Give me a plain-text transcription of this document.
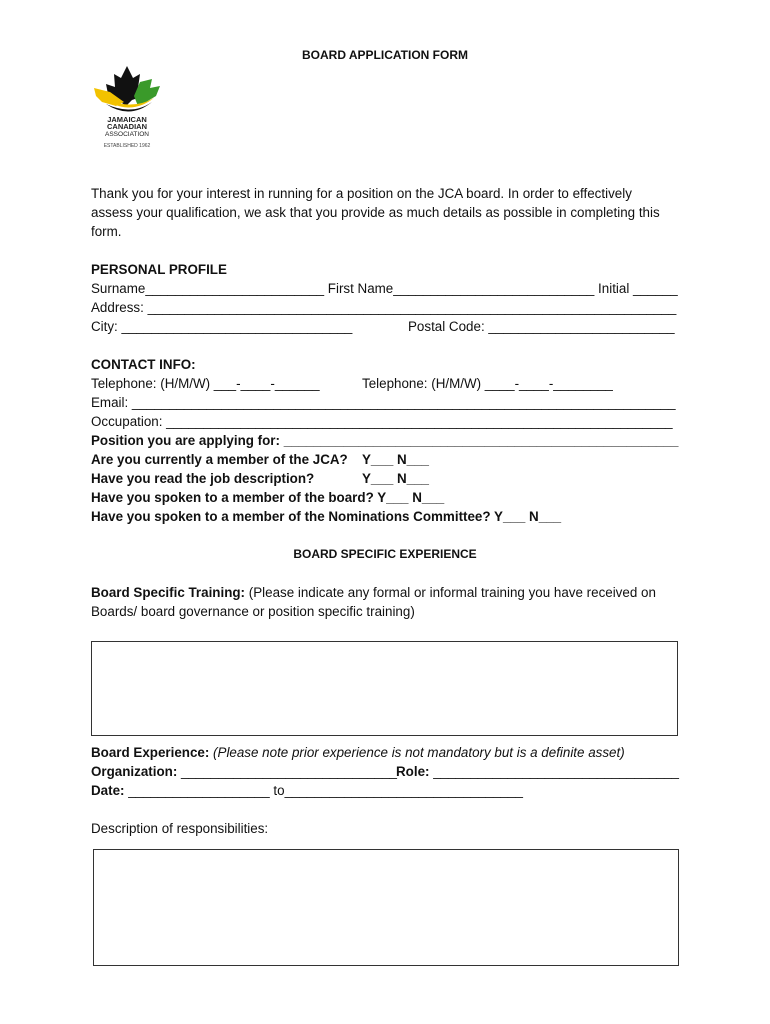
BOARD APPLICATION FORM
JAMAICAN
CANADIAN
ASSOCIATION
ESTABLISHED 1962
Thank you for your interest in running for a position on the JCA board. In order to effectively
assess your qualification, we ask that you provide as much details as possible in completing this
form.
PERSONAL PROFILE
Surname________________________ First Name___________________________ Initial ______
Address: _______________________________________________________________________
City: _______________________________	Postal Code: _________________________
CONTACT INFO:
Telephone: (H/M/W) ___-____-______	Telephone: (H/M/W) ____-____-________
Email: _________________________________________________________________________
Occupation: ____________________________________________________________________
Position you are applying for: _____________________________________________________
Are you currently a member of the JCA? Y___ N___
Have you read the job description?	Y___ N___
Have you spoken to a member of the board? Y___ N___
Have you spoken to a member of the Nominations Committee? Y___ N___
BOARD SPECIFIC EXPERIENCE
Board Specific Training: (Please indicate any formal or informal training you have received on
Boards/ board governance or position specific training)
Board Experience: (Please note prior experience is not mandatory but is a definite asset)
Organization: _____________________________ Role: _________________________________
Date: ___________________ to________________________________
Description of responsibilities:
